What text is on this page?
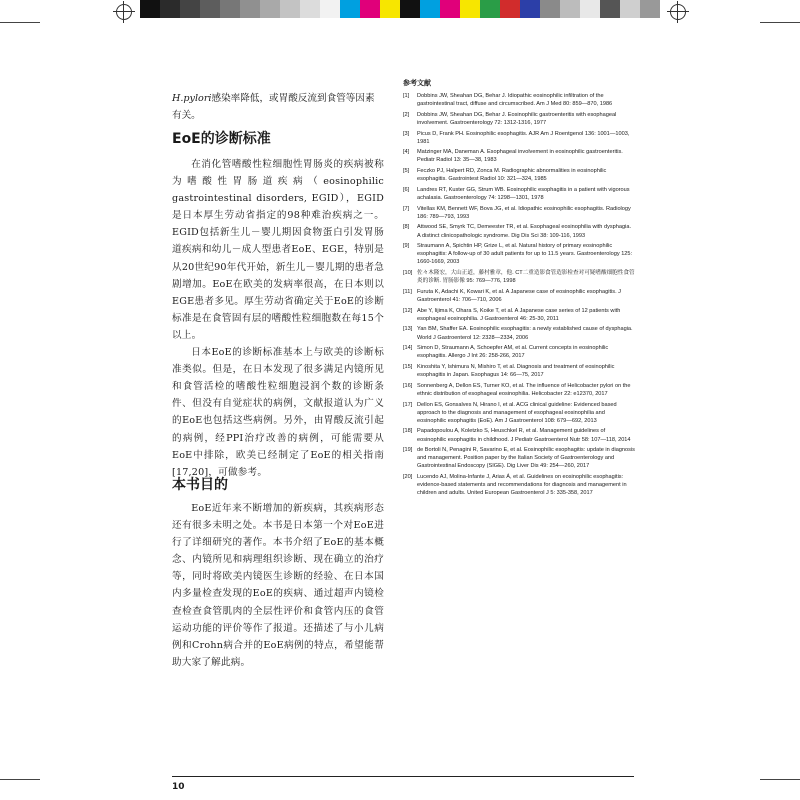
H.pylori感染率降低，或胃酸反流到食管等因素有关。

EoE的诊断标准

在消化管嗜酸性粒细胞性胃肠炎的疾病被称为嗜酸性胃肠道疾病（eosinophilic gastrointestinal disorders, EGID），EGID是日本厚生劳动省指定的98种难治疾病之一。EGID包括新生儿－婴儿期因食物蛋白引发胃肠道疾病和幼儿－成人型患者EoE、EGE，特别是从20世纪90年代开始，新生儿－婴儿期的患者急剧增加。EoE在欧美的发病率很高，在日本则以EGE患者多见。厚生劳动省确定关于EoE的诊断标准是在食管固有层的嗜酸性粒细胞数在每15个以上。

日本EoE的诊断标准基本上与欧美的诊断标准类似。但是，在日本发现了很多满足内镜所见和食管活检的嗜酸性粒细胞浸润个数的诊断条件、但没有自觉症状的病例，文献报道认为广义的EoE也包括这些病例。另外，由胃酸反流引起的病例，经PPI治疗改善的病例，可能需要从EoE中排除，欧美已经制定了EoE的相关指南[17,20]，可做参考。

本书目的

EoE近年来不断增加的新疾病，其疾病形态还有很多未明之处。本书是日本第一个对EoE进行了详细研究的著作。本书介绍了EoE的基本概念、内镜所见和病理组织诊断、现在确立的治疗等，同时将欧美内镜医生诊断的经验、在日本国内多量检查发现的EoE的疾病、通过超声内镜检查检查食管肌肉的全层性评价和食管内压的食管运动功能的评价等作了报道。还描述了与小儿病例和Crohn病合并的EoE病例的特点，希望能帮助大家了解此病。

参考文献

[1]	Dobbins JW, Sheahan DG, Behar J. Idiopathic eosinophilic infiltration of the gastrointestinal tract, diffuse and circumscribed. Am J Med 80: 859—870, 1986
[2]	Dobbins JW, Sheahan DG, Behar J. Eosinophilic gastroenteritis with esophageal involvement. Gastroenterology 72: 1312-1316, 1977
[3]	Picus D, Frank PH. Eosinophilic esophagitis. AJR Am J Roentgenol 136: 1001—1003, 1981
[4]	Matzinger MA, Daneman A. Esophageal involvement in eosinophilic gastroenteritis. Pediatr Radiol 13: 35—38, 1983
[5]	Feczko PJ, Halpert RD, Zonca M. Radiographic abnormalities in eosinophilic esophagitis. Gastrointest Radiol 10: 321—324, 1985
[6]	Landres RT, Kuster GG, Strum WB. Eosinophilic esophagitis in a patient with vigorous achalasia. Gastroenterology 74: 1298—1301, 1978
[7]	Vitellas KM, Bennett WF, Bova JG, et al. Idiopathic eosinophilic esophagitis. Radiology 186: 789—793, 1993
[8]	Attwood SE, Smyrk TC, Demeester TR, et al. Esophageal eosinophilia with dysphagia. A distinct clinicopathologic syndrome. Dig Dis Sci 38: 109-116, 1993
[9]	Straumann A, Spichtin HP, Grize L, et al. Natural history of primary eosinophilic esophagitis: A follow-up of 30 adult patients for up to 11.5 years. Gastroenterology 125: 1660-1669, 2003
[10] 佐々木隆宏，大山正道，藤村雅章，他. CT二重造影食管造影检查对可疑嗜酸细胞性食管炎的诊断. 胃肠影像 95: 769—776, 1998
[11] Furuta K, Adachi K, Kowari K, et al. A Japanese case of eosinophilic esophagitis. J Gastroenterol 41: 706—710, 2006
[12] Abe Y, Iijima K, Ohara S, Koike T, et al. A Japanese case series of 12 patients with esophageal eosinophilia. J Gastroenterol 46: 25-30, 2011
[13] Yan BM, Shaffer EA. Eosinophilic esophagitis: a newly established cause of dysphagia. World J Gastroenterol 12: 2328—2334, 2006
[14] Simon D, Straumann A, Schoepfer AM, et al. Current concepts in eosinophilic esophagitis. Allergo J Int 26: 258-266, 2017
[15] Kinoshita Y, Ishimura N, Mishiro T, et al. Diagnosis and treatment of eosinophilic esophagitis in Japan. Esophagus 14: 66—75, 2017
[16] Sonnenberg A, Dellon ES, Turner KO, et al. The influence of Helicobacter pylori on the ethnic distribution of esophageal eosinophilia. Helicobacter 22: e12370, 2017
[17] Dellon ES, Gonsalves N, Hirano I, et al. ACG clinical guideline: Evidenced based approach to the diagnosis and management of esophageal eosinophilia and eosinophilic esophagitis (EoE). Am J Gastroenterol 108: 679—692, 2013
[18] Papadopoulou A, Koletzko S, Heuschkel R, et al. Management guidelines of eosinophilic esophagitis in childhood. J Pediatr Gastroenterol Nutr 58: 107—118, 2014
[19] de Bortoli N, Penagini R, Savarino E, et al. Eosinophilic esophagitis: update in diagnosis and management. Position paper by the Italian Society of Gastroenterology and Gastrointestinal Endoscopy (SIGE). Dig Liver Dis 49: 254—260, 2017
[20] Lucendo AJ, Molina-Infante J, Arias Á, et al. Guidelines on eosinophilic esophagitis: evidence-based statements and recommendations for diagnosis and management in children and adults. United European Gastroenterol J 5: 335-358, 2017
10
